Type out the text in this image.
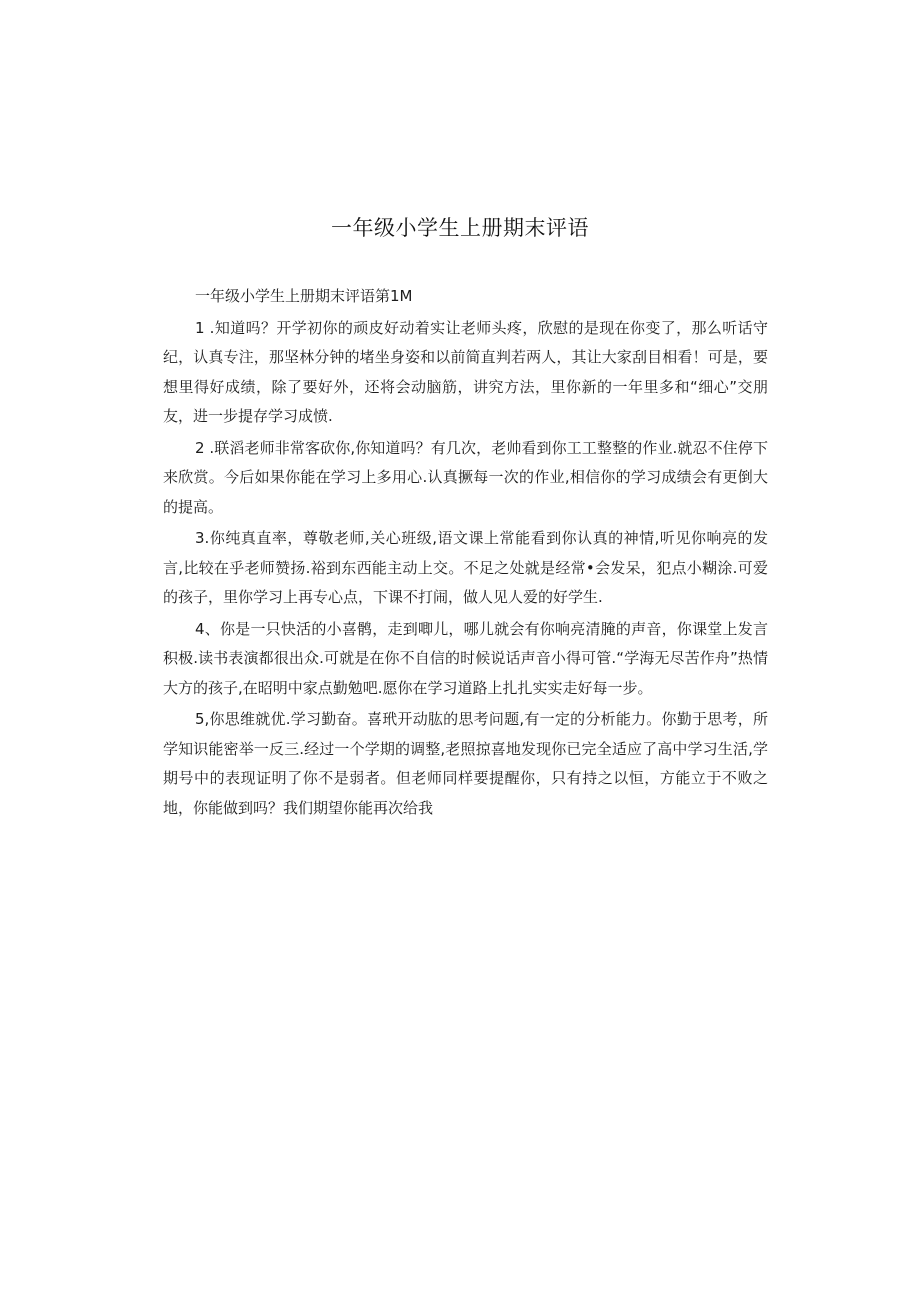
一年级小学生上册期末评语

一年级小学生上册期末评语第1M

1 .知道吗？开学初你的顽皮好动着实让老师头疼，欣慰的是现在你变了，那么听话守纪，认真专注，那坚林分钟的堵坐身姿和以前简直判若两人，其让大家刮目相看！可是，要想里得好成绩，除了要好外，还将会动脑筋，讲究方法，里你新的一年里多和“细心”交朋友，进一步提存学习成愤.

2 .联滔老师非常客砍你,你知道吗？有几次，老帅看到你工工整整的作业.就忍不住停下来欣赏。今后如果你能在学习上多用心.认真撅每一次的作业,相信你的学习成绩会有更倒大的提高。

3.你纯真直率，尊敬老师,关心班级,语文课上常能看到你认真的神情,听见你响亮的发言,比较在乎老师赞扬.裕到东西能主动上交。不足之处就是经常•会发呆，犯点小糊涂.可爱的孩子，里你学习上再专心点，下课不打闹，做人见人爱的好学生.

4、你是一只快活的小喜鹘，走到唧儿，哪儿就会有你响亮清腌的声音，你课堂上发言积极.读书表演都很出众.可就是在你不自信的时候说话声音小得可管.“学海无尽苦作舟”热情大方的孩子,在昭明中家点勤勉吧.愿你在学习道路上扎扎实实走好每一步。

5,你思维就优.学习勤奋。喜玳开动肱的思考问题,有一定的分析能力。你勤于思考，所学知识能密举一反三.经过一个学期的调整,老照掠喜地发现你已完全适应了高中学习生活,学期号中的表现证明了你不是弱者。但老师同样要提醒你，只有持之以恒，方能立于不败之地，你能做到吗？我们期望你能再次给我
